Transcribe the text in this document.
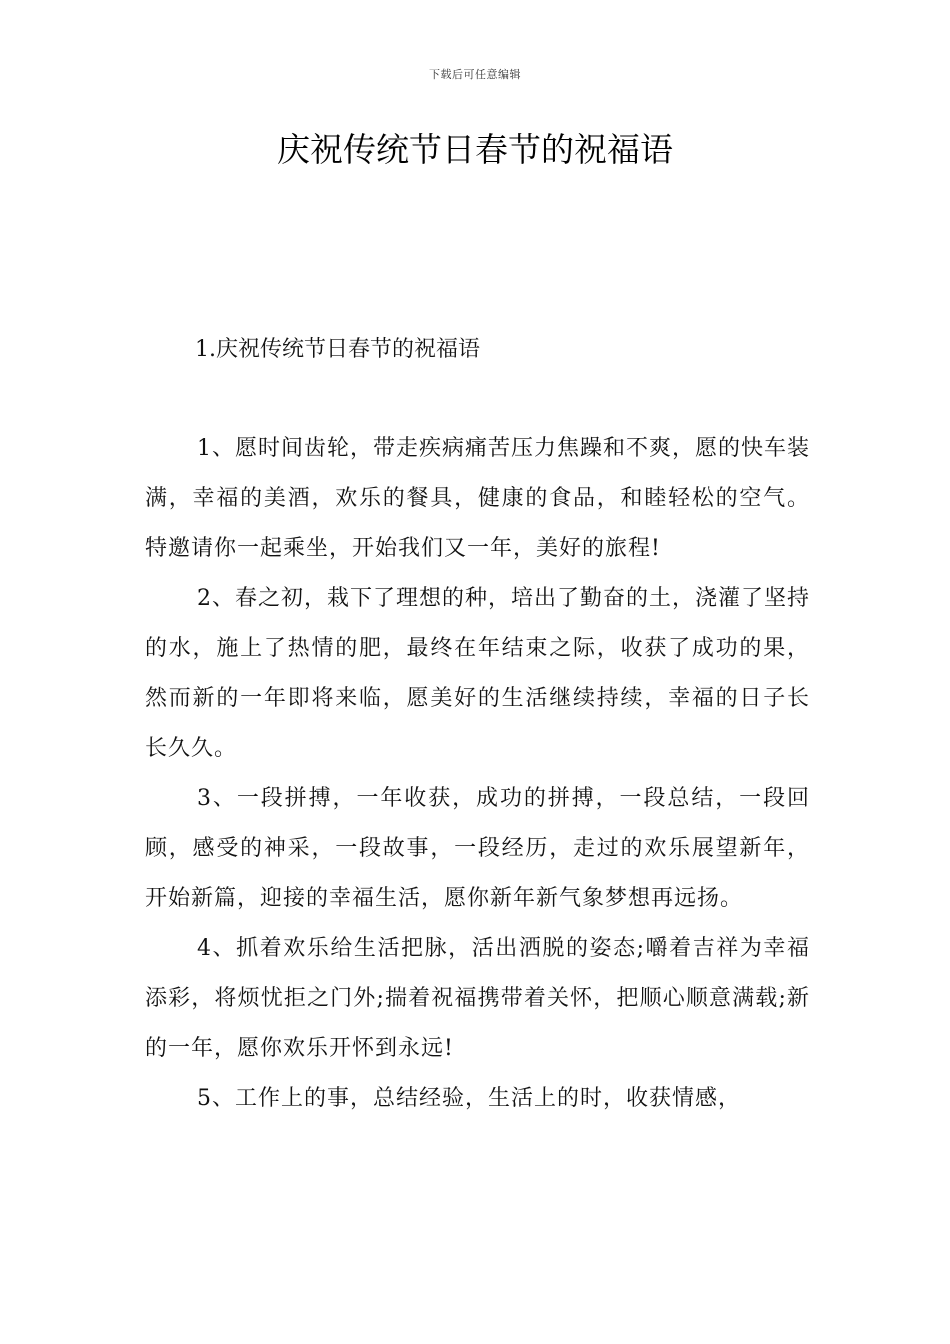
下载后可任意编辑
庆祝传统节日春节的祝福语
1.庆祝传统节日春节的祝福语

1、愿时间齿轮，带走疾病痛苦压力焦躁和不爽，愿的快车装满，幸福的美酒，欢乐的餐具，健康的食品，和睦轻松的空气。特邀请你一起乘坐，开始我们又一年，美好的旅程!

2、春之初，栽下了理想的种，培出了勤奋的土，浇灌了坚持的水，施上了热情的肥，最终在年结束之际，收获了成功的果，然而新的一年即将来临，愿美好的生活继续持续，幸福的日子长长久久。

3、一段拼搏，一年收获，成功的拼搏，一段总结，一段回顾，感受的神采，一段故事，一段经历，走过的欢乐展望新年，开始新篇，迎接的幸福生活，愿你新年新气象梦想再远扬。

4、抓着欢乐给生活把脉，活出洒脱的姿态;嚼着吉祥为幸福添彩，将烦忧拒之门外;揣着祝福携带着关怀，把顺心顺意满载;新的一年，愿你欢乐开怀到永远!

5、工作上的事，总结经验，生活上的时，收获情感，
